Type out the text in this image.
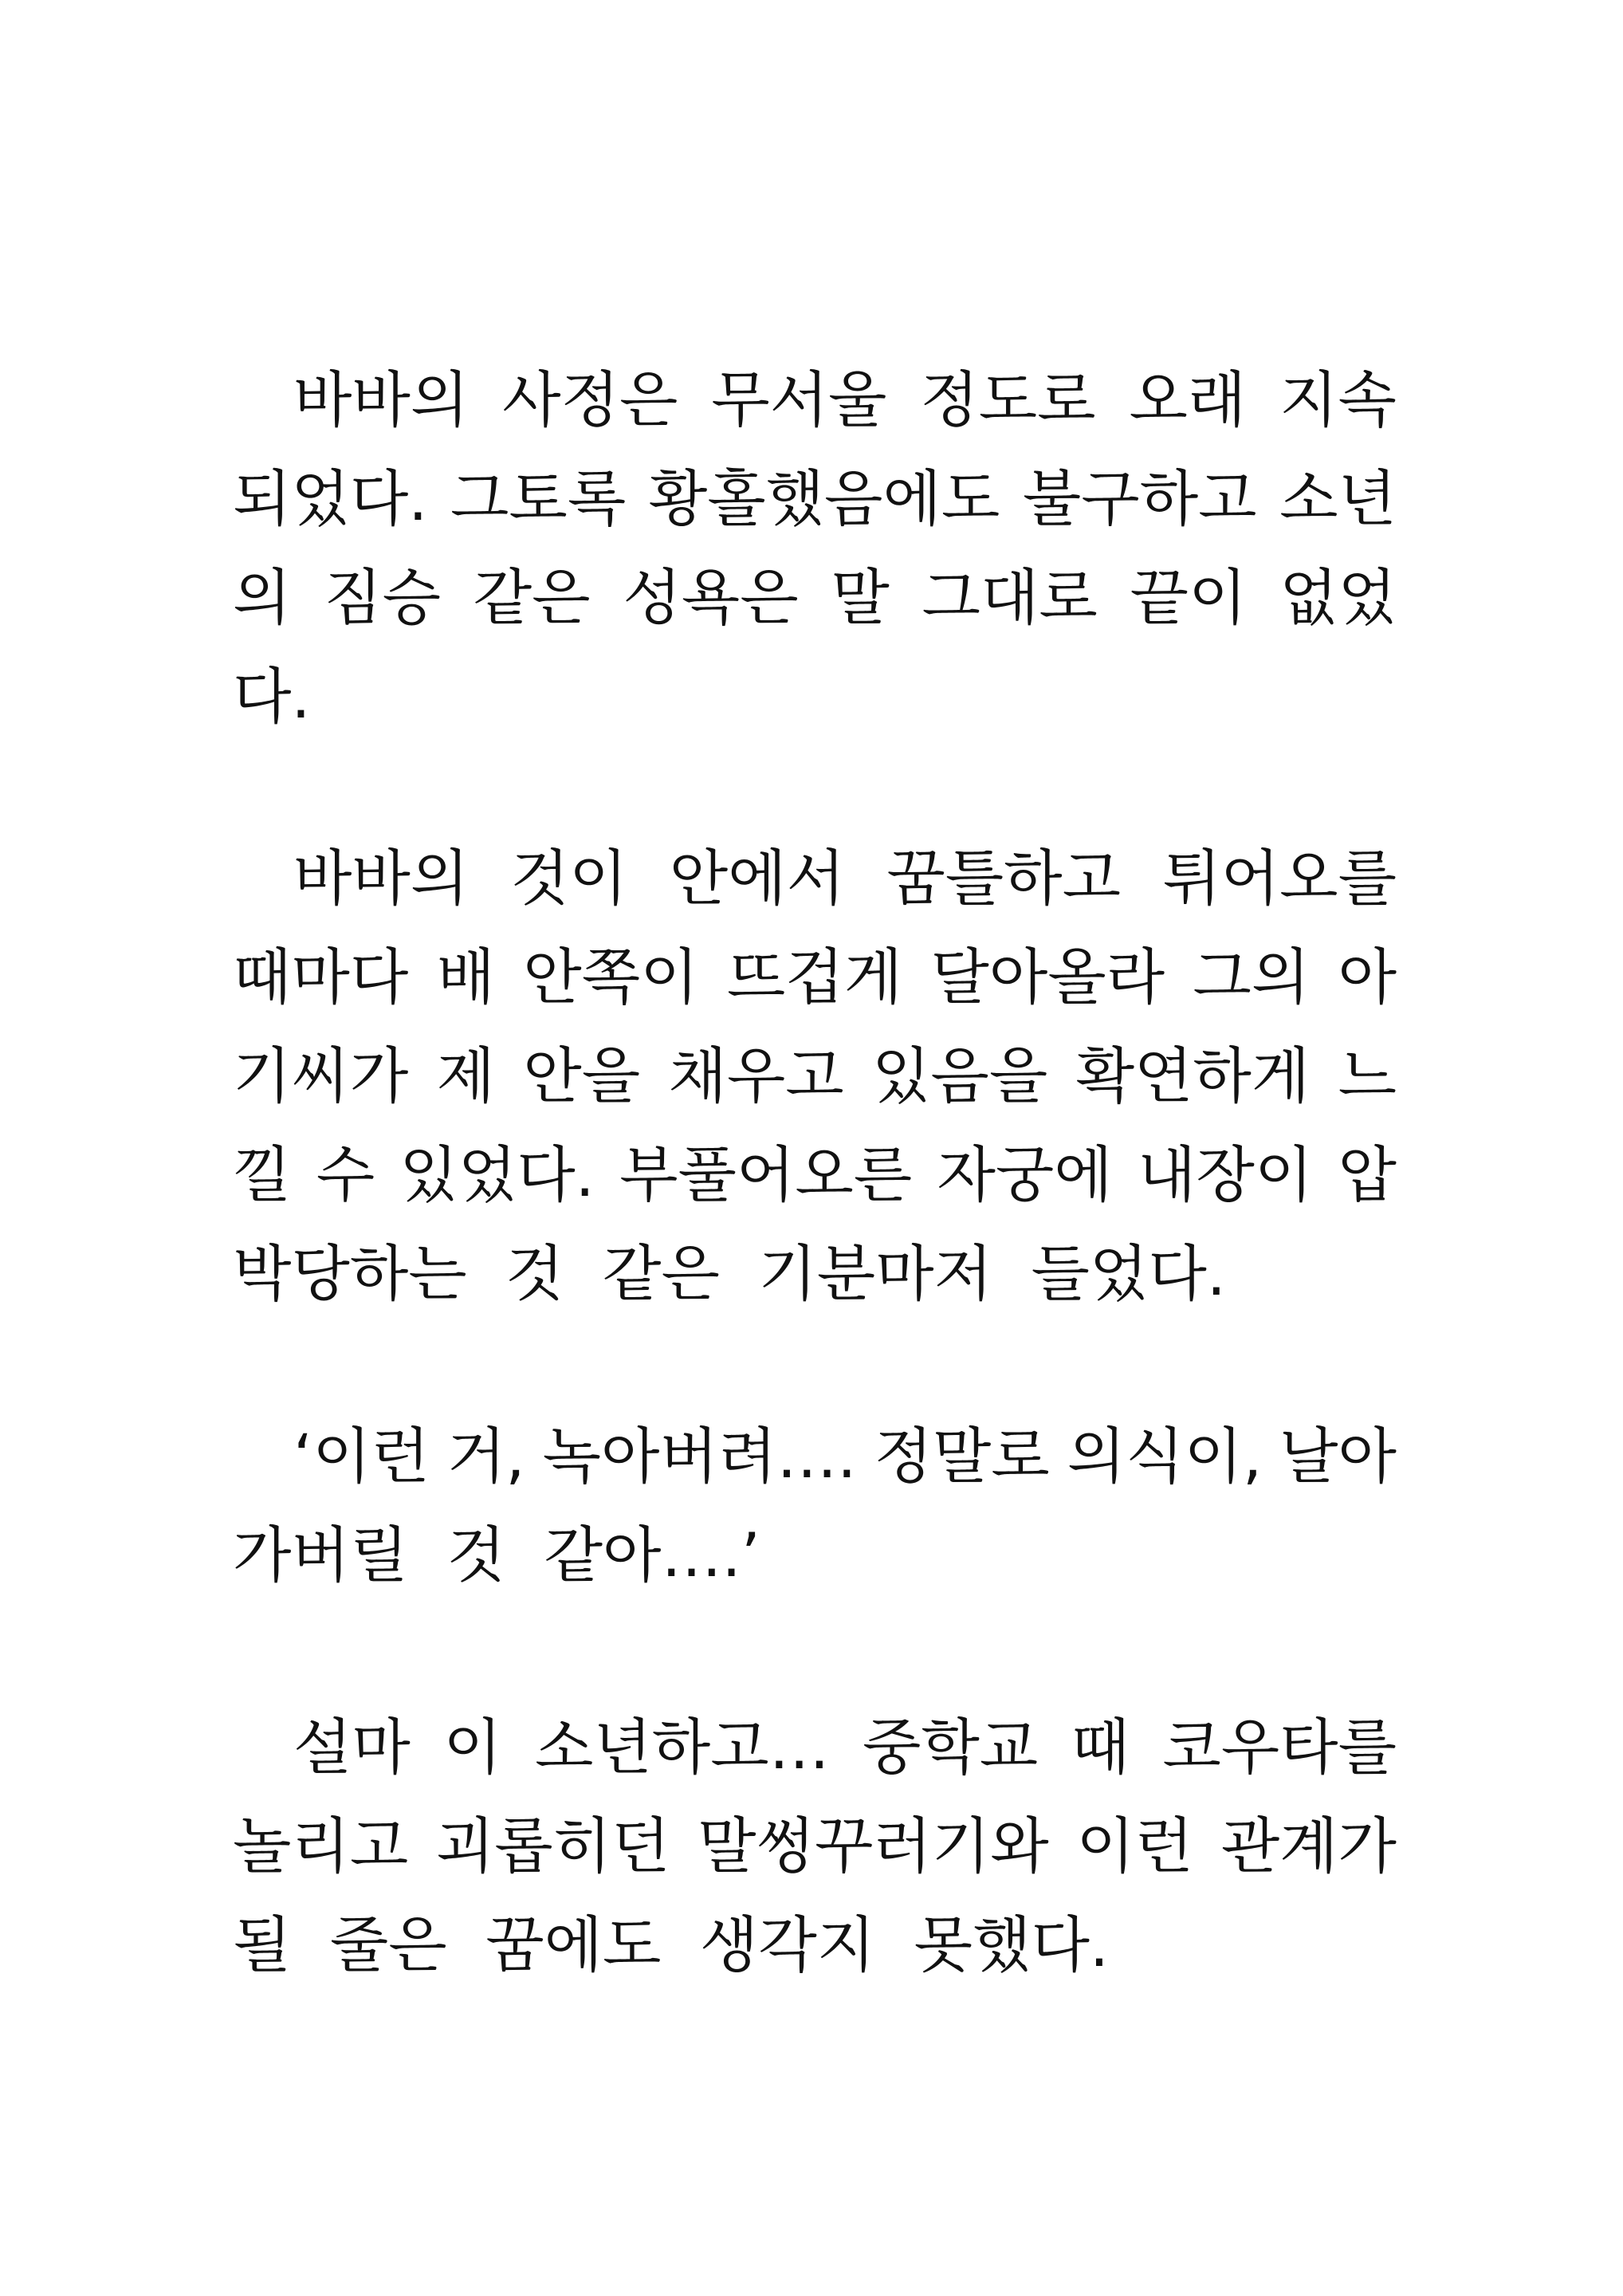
바바의 사정은 무서울 정도로 오래 지속
되었다. 그토록 황홀했음에도 불구하고 소년
의 짐승 같은 성욕은 말 그대로 끝이 없었
다.
바바의 것이 안에서 꿈틀하고 튀어오를
때마다 배 안쪽이 뜨겁게 달아올라 그의 아
기씨가 제 안을 채우고 있음을 확연하게 느
낄 수 있었다. 부풀어오른 자궁에 내장이 압
박당하는 것 같은 기분마저 들었다.
‘이런 거, 녹아버려…. 정말로 의식이, 날아
가버릴 것 같아….’
설마 이 소년하고… 중학교 때 코우타를
놀리고 괴롭히던 말썽꾸러기와 이런 관계가
될 줄은 꿈에도 생각지 못했다.
